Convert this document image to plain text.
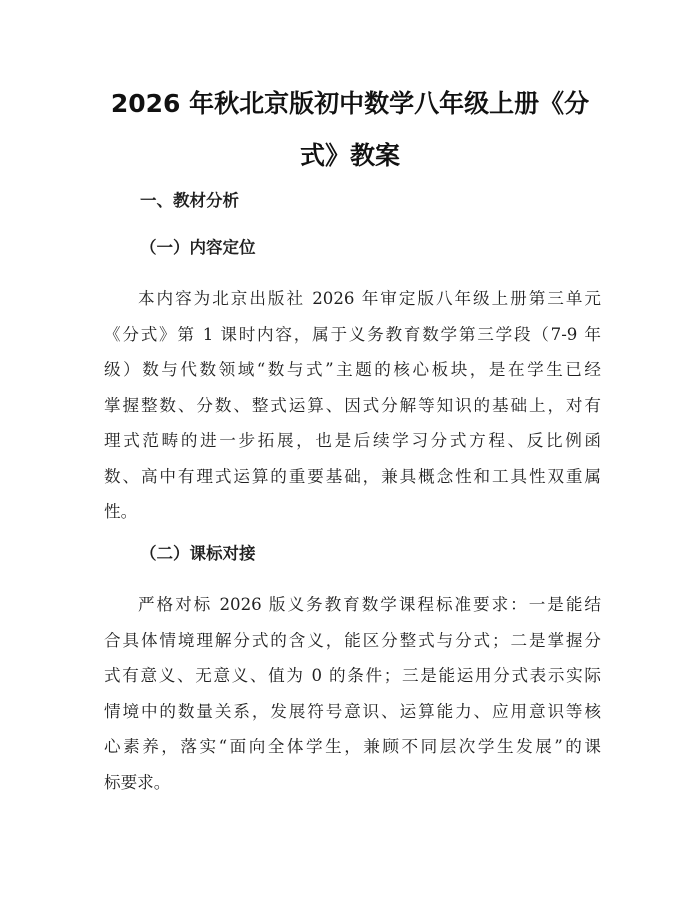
2026 年秋北京版初中数学八年级上册《分
式》教案
一、教材分析
（一）内容定位
本内容为北京出版社 2026 年审定版八年级上册第三单元
《分式》第 1 课时内容，属于义务教育数学第三学段（7-9 年
级）数与代数领域“数与式”主题的核心板块，是在学生已经
掌握整数、分数、整式运算、因式分解等知识的基础上，对有
理式范畴的进一步拓展，也是后续学习分式方程、反比例函
数、高中有理式运算的重要基础，兼具概念性和工具性双重属
性。
（二）课标对接
严格对标 2026 版义务教育数学课程标准要求：一是能结
合具体情境理解分式的含义，能区分整式与分式；二是掌握分
式有意义、无意义、值为 0 的条件；三是能运用分式表示实际
情境中的数量关系，发展符号意识、运算能力、应用意识等核
心素养，落实“面向全体学生，兼顾不同层次学生发展”的课
标要求。
